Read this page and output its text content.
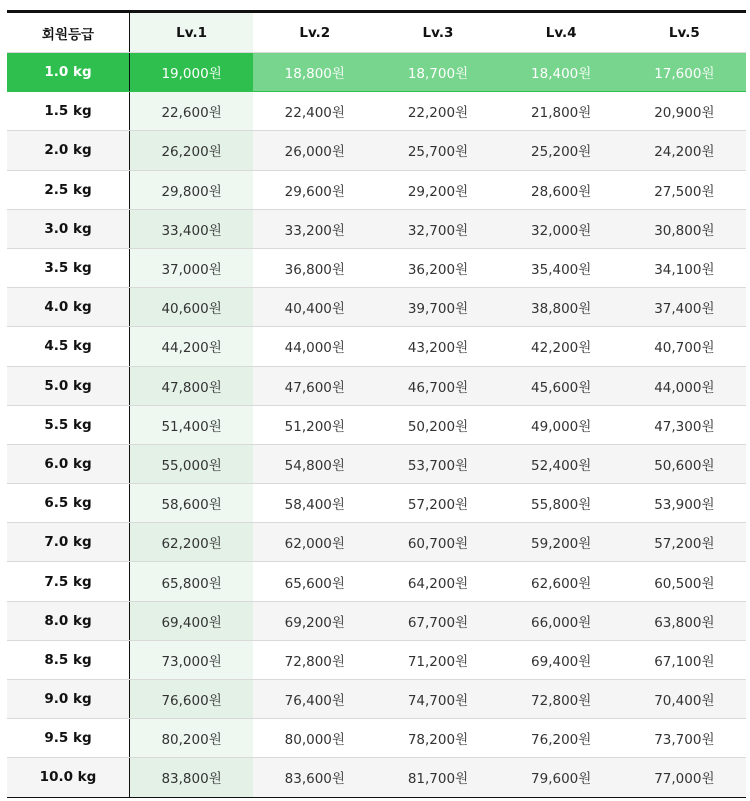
회원등급	Lv.1	Lv.2	Lv.3	Lv.4	Lv.5
1.0 kg	19,000원	18,800원	18,700원	18,400원	17,600원
1.5 kg	22,600원	22,400원	22,200원	21,800원	20,900원
2.0 kg	26,200원	26,000원	25,700원	25,200원	24,200원
2.5 kg	29,800원	29,600원	29,200원	28,600원	27,500원
3.0 kg	33,400원	33,200원	32,700원	32,000원	30,800원
3.5 kg	37,000원	36,800원	36,200원	35,400원	34,100원
4.0 kg	40,600원	40,400원	39,700원	38,800원	37,400원
4.5 kg	44,200원	44,000원	43,200원	42,200원	40,700원
5.0 kg	47,800원	47,600원	46,700원	45,600원	44,000원
5.5 kg	51,400원	51,200원	50,200원	49,000원	47,300원
6.0 kg	55,000원	54,800원	53,700원	52,400원	50,600원
6.5 kg	58,600원	58,400원	57,200원	55,800원	53,900원
7.0 kg	62,200원	62,000원	60,700원	59,200원	57,200원
7.5 kg	65,800원	65,600원	64,200원	62,600원	60,500원
8.0 kg	69,400원	69,200원	67,700원	66,000원	63,800원
8.5 kg	73,000원	72,800원	71,200원	69,400원	67,100원
9.0 kg	76,600원	76,400원	74,700원	72,800원	70,400원
9.5 kg	80,200원	80,000원	78,200원	76,200원	73,700원
10.0 kg	83,800원	83,600원	81,700원	79,600원	77,000원
